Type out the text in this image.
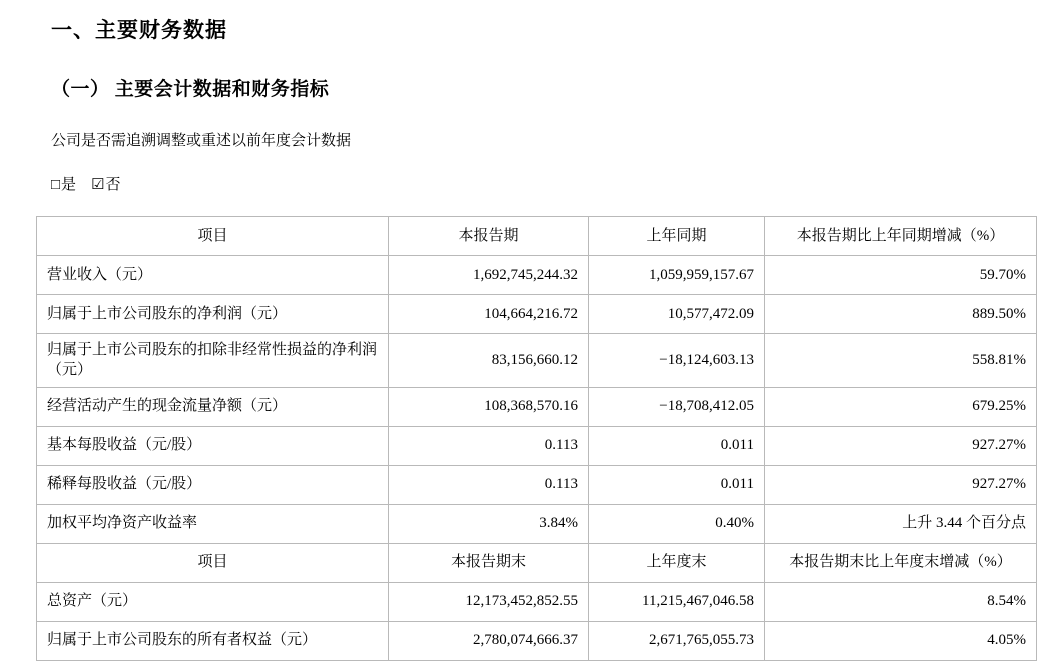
一、主要财务数据
（一） 主要会计数据和财务指标
公司是否需追溯调整或重述以前年度会计数据
□是 ☑否
项目	本报告期	上年同期	本报告期比上年同期增减（%）
营业收入（元）	1,692,745,244.32	1,059,959,157.67	59.70%
归属于上市公司股东的净利润（元）	104,664,216.72	10,577,472.09	889.50%
归属于上市公司股东的扣除非经常性损益的净利润（元）	83,156,660.12	−18,124,603.13	558.81%
经营活动产生的现金流量净额（元）	108,368,570.16	−18,708,412.05	679.25%
基本每股收益（元/股）	0.113	0.011	927.27%
稀释每股收益（元/股）	0.113	0.011	927.27%
加权平均净资产收益率	3.84%	0.40%	上升 3.44 个百分点
项目	本报告期末	上年度末	本报告期末比上年度末增减（%）
总资产（元）	12,173,452,852.55	11,215,467,046.58	8.54%
归属于上市公司股东的所有者权益（元）	2,780,074,666.37	2,671,765,055.73	4.05%
